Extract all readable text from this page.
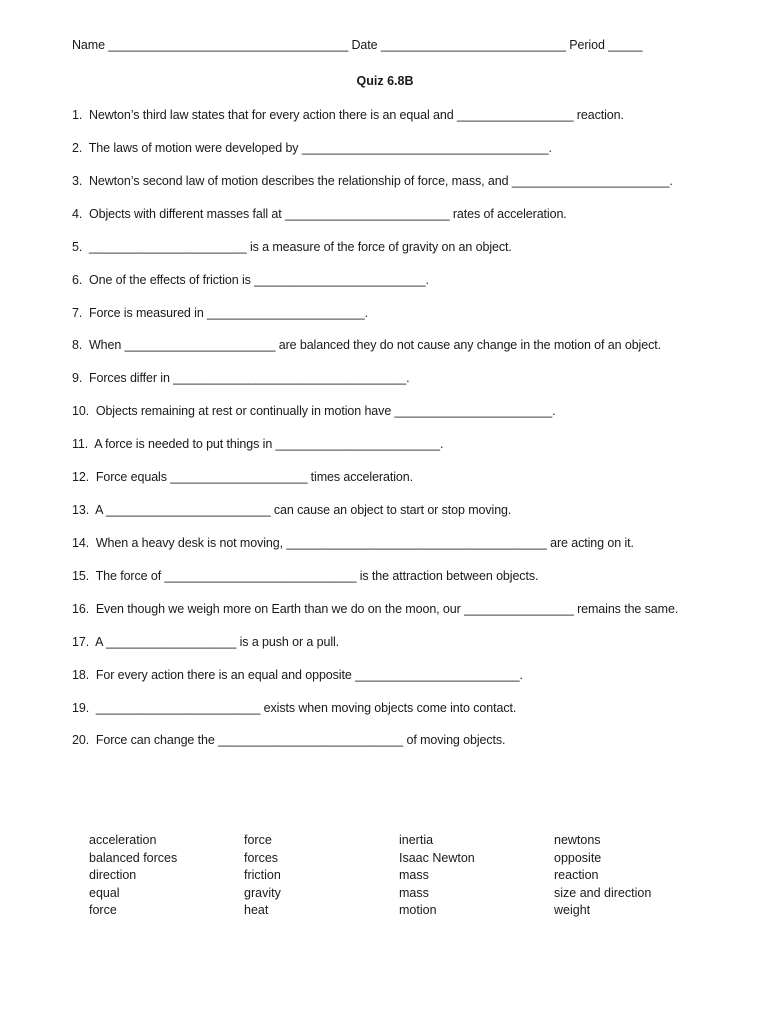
Name ___________________________________ Date ___________________________ Period _____
Quiz 6.8B
1.  Newton’s third law states that for every action there is an equal and _________________ reaction.
2.  The laws of motion were developed by ____________________________________.
3.  Newton’s second law of motion describes the relationship of force, mass, and _______________________.
4.  Objects with different masses fall at ________________________ rates of acceleration.
5.  _______________________ is a measure of the force of gravity on an object.
6.  One of the effects of friction is _________________________.
7.  Force is measured in _______________________.
8.  When ______________________ are balanced they do not cause any change in the motion of an object.
9.  Forces differ in __________________________________.
10.  Objects remaining at rest or continually in motion have _______________________.
11.  A force is needed to put things in ________________________.
12.  Force equals ____________________ times acceleration.
13.  A ________________________ can cause an object to start or stop moving.
14.  When a heavy desk is not moving, ______________________________________ are acting on it.
15.  The force of ____________________________ is the attraction between objects.
16.  Even though we weigh more on Earth than we do on the moon, our ________________ remains the same.
17.  A ___________________ is a push or a pull.
18.  For every action there is an equal and opposite ________________________.
19.  ________________________ exists when moving objects come into contact.
20.  Force can change the ___________________________ of moving objects.
acceleration
balanced forces
direction
equal
force
force
forces
friction
gravity
heat
inertia
Isaac Newton
mass
mass
motion
newtons
opposite
reaction
size and direction
weight
